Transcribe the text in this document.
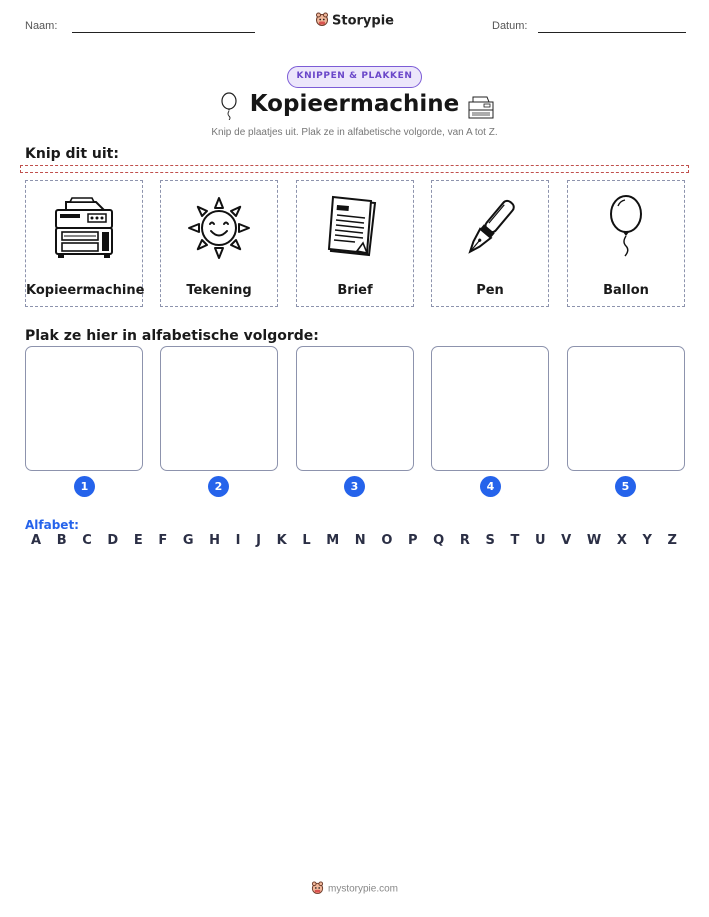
Naam:	Storypie	Datum:
KNIPPEN & PLAKKEN
Kopieermachine
Knip de plaatjes uit. Plak ze in alfabetische volgorde, van A tot Z.
Knip dit uit:
Kopieermachine	Tekening	Brief	Pen	Ballon
Plak ze hier in alfabetische volgorde:
1	2	3	4	5
Alfabet:
A B C D E F G H I J K L M N O P Q R S T U V W X Y Z
mystorypie.com
